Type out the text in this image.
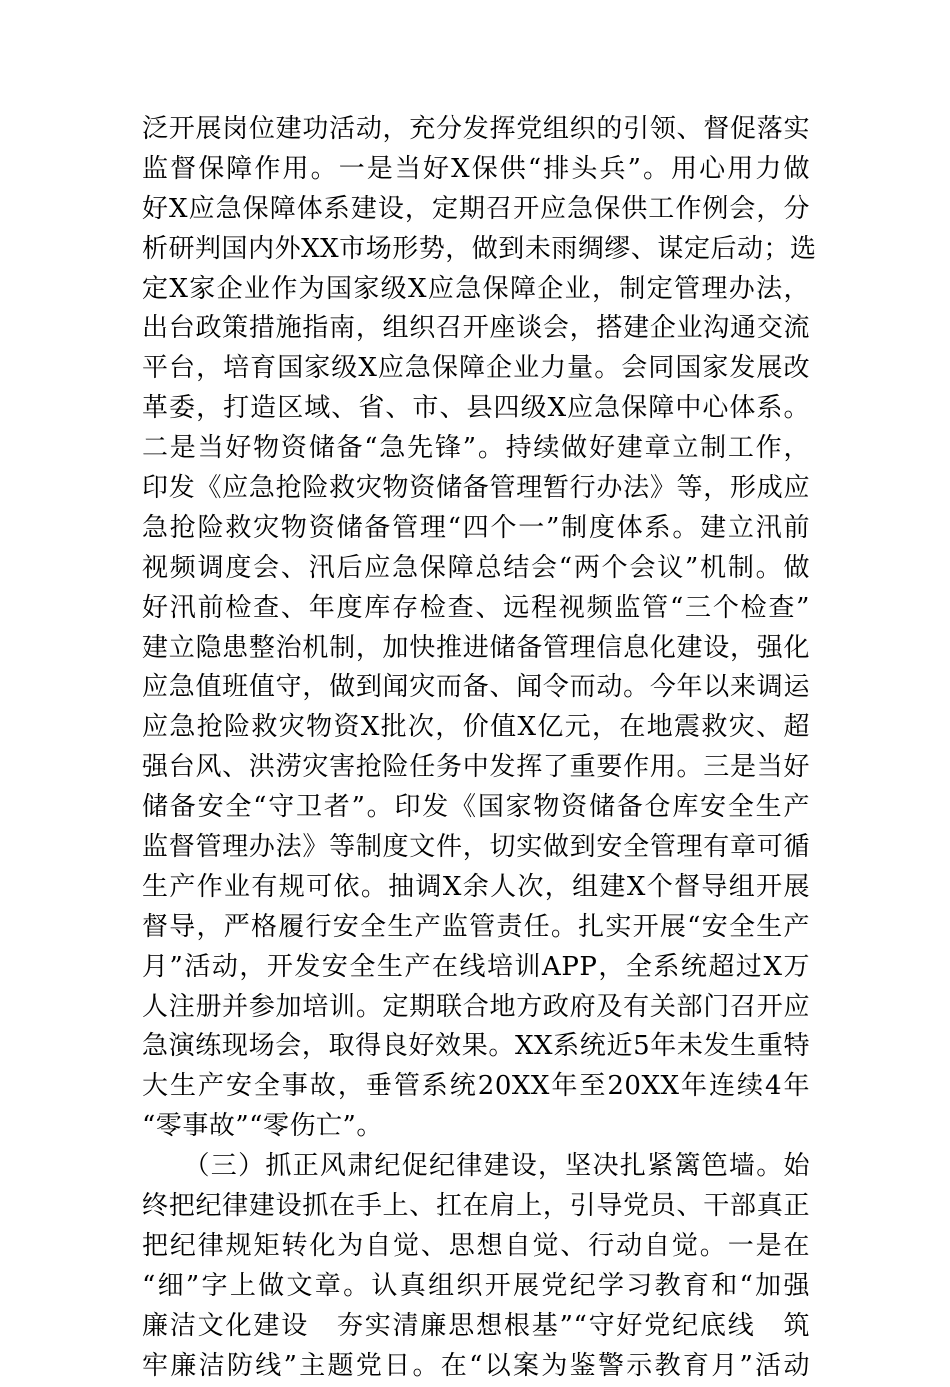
泛开展岗位建功活动，充分发挥党组织的引领、督促落实
监督保障作用。一是当好X保供“排头兵”。用心用力做
好X应急保障体系建设，定期召开应急保供工作例会，分
析研判国内外XX市场形势，做到未雨绸缪、谋定后动；选
定X家企业作为国家级X应急保障企业，制定管理办法，
出台政策措施指南，组织召开座谈会，搭建企业沟通交流
平台，培育国家级X应急保障企业力量。会同国家发展改
革委，打造区域、省、市、县四级X应急保障中心体系。
二是当好物资储备“急先锋”。持续做好建章立制工作，
印发《应急抢险救灾物资储备管理暂行办法》等，形成应
急抢险救灾物资储备管理“四个一”制度体系。建立汛前
视频调度会、汛后应急保障总结会“两个会议”机制。做
好汛前检查、年度库存检查、远程视频监管“三个检查”
建立隐患整治机制，加快推进储备管理信息化建设，强化
应急值班值守，做到闻灾而备、闻令而动。今年以来调运
应急抢险救灾物资X批次，价值X亿元，在地震救灾、超
强台风、洪涝灾害抢险任务中发挥了重要作用。三是当好
储备安全“守卫者”。印发《国家物资储备仓库安全生产
监督管理办法》等制度文件，切实做到安全管理有章可循
生产作业有规可依。抽调X余人次，组建X个督导组开展
督导，严格履行安全生产监管责任。扎实开展“安全生产
月”活动，开发安全生产在线培训APP，全系统超过X万
人注册并参加培训。定期联合地方政府及有关部门召开应
急演练现场会，取得良好效果。XX系统近5年未发生重特
大生产安全事故，垂管系统20XX年至20XX年连续4年
“零事故”“零伤亡”。
　　（三）抓正风肃纪促纪律建设，坚决扎紧篱笆墙。始
终把纪律建设抓在手上、扛在肩上，引导党员、干部真正
把纪律规矩转化为自觉、思想自觉、行动自觉。一是在
“细”字上做文章。认真组织开展党纪学习教育和“加强
廉洁文化建设　夯实清廉思想根基”“守好党纪底线　筑
牢廉洁防线”主题党日。在“以案为鉴警示教育月”活动
